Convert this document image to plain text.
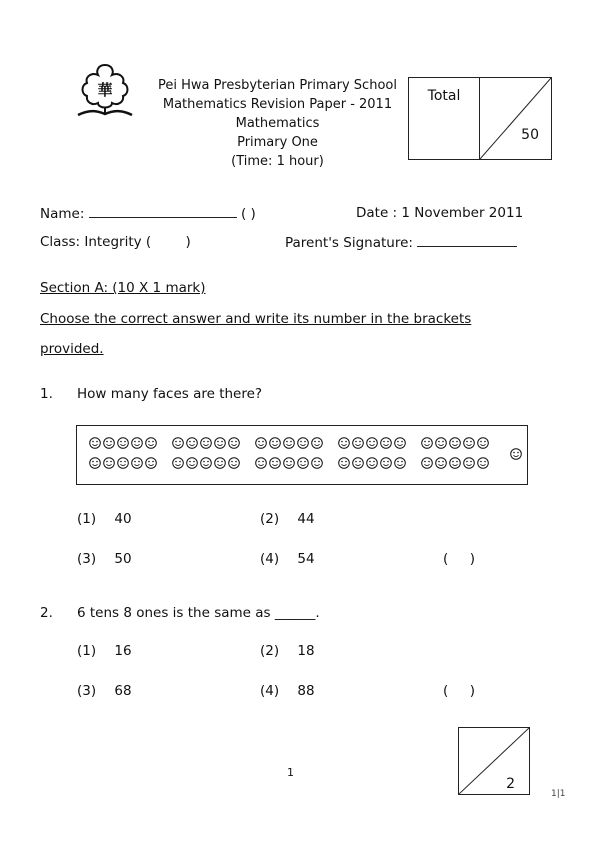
華	Pei Hwa Presbyterian Primary School
Mathematics Revision Paper - 2011
Mathematics
Primary One
(Time: 1 hour)
Total
50
Name:	( )	Date : 1 November 2011
Class: Integrity (        )	Parent's Signature:
Section A: (10 X 1 mark)
Choose the correct answer and write its number in the brackets
provided.
1. How many faces are there?
(1) 40	(2) 44
(3) 50	(4) 54	(     )
2. 6 tens 8 ones is the same as ______.
(1) 16	(2) 18
(3) 68	(4) 88	(     )
1
2
1|1
